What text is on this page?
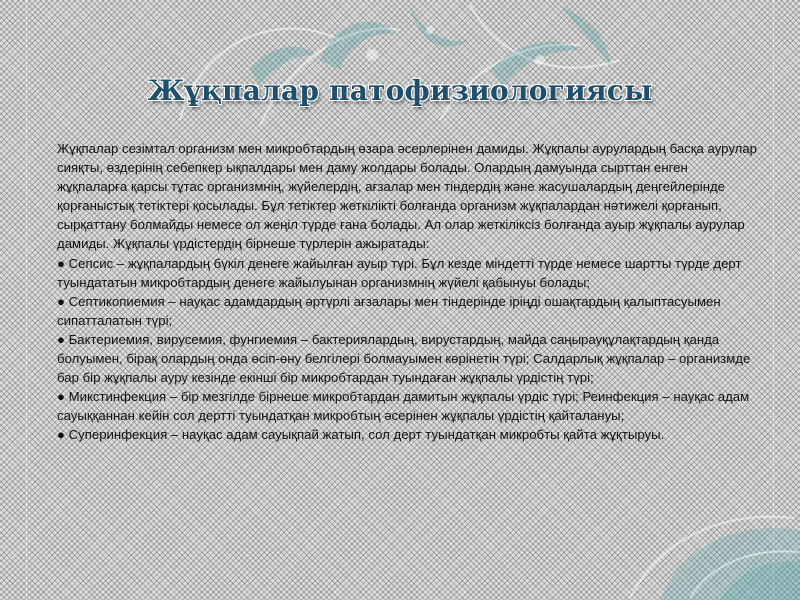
Жұқпалар патофизиологиясы

Жұқпалар сезімтал организм мен микробтардың өзара әсерлерінен дамиды. Жұқпалы аурулардың басқа аурулар сияқты, өздерінің себепкер ықпалдары мен даму жолдары болады. Олардың дамуында сырттан енген жұқпаларға қарсы тұтас организмнің, жүйелердің, ағзалар мен тіндердің және жасушалардың деңгейлерінде қорғаныстық тетіктері қосылады. Бұл тетіктер жеткілікті болғанда организм жұқпалардан нәтижелі қорғанып, сырқаттану болмайды немесе ол жеңіл түрде ғана болады. Ал олар жеткіліксіз болғанда ауыр жұқпалы аурулар дамиды. Жұқпалы үрдістердің бірнеше түрлерін ажыратады:

● Сепсис – жұқпалардың бүкіл денеге жайылған ауыр түрі. Бұл кезде міндетті түрде немесе шартты түрде дерт туындататын микробтардың денеге жайылуынан организмнің жүйелі қабынуы болады;

● Септикопиемия – науқас адамдардың әртүрлі ағзалары мен тіндерінде іріңді ошақтардың қалыптасуымен сипатталатын түрі;

● Бактериемия, вирусемия, фунгиемия – бактериялардың, вирустардың, майда саңырауқұлақтардың қанда болуымен, бірақ олардың онда өсіп-өну белгілері болмауымен көрінетін түрі; Салдарлық жұқпалар – организмде бар бір жұқпалы ауру кезінде екінші бір микробтардан туындаған жұқпалы үрдістің түрі;

● Микстинфекция – бір мезгілде бірнеше микробтардан дамитын жұқпалы үрдіс түрі; Реинфекция – науқас адам сауыққаннан кейін сол дертті туындатқан микробтың әсерінен жұқпалы үрдістің қайталануы;

● Суперинфекция – науқас адам сауықпай жатып, сол дерт туындатқан микробты қайта жұқтыруы.
